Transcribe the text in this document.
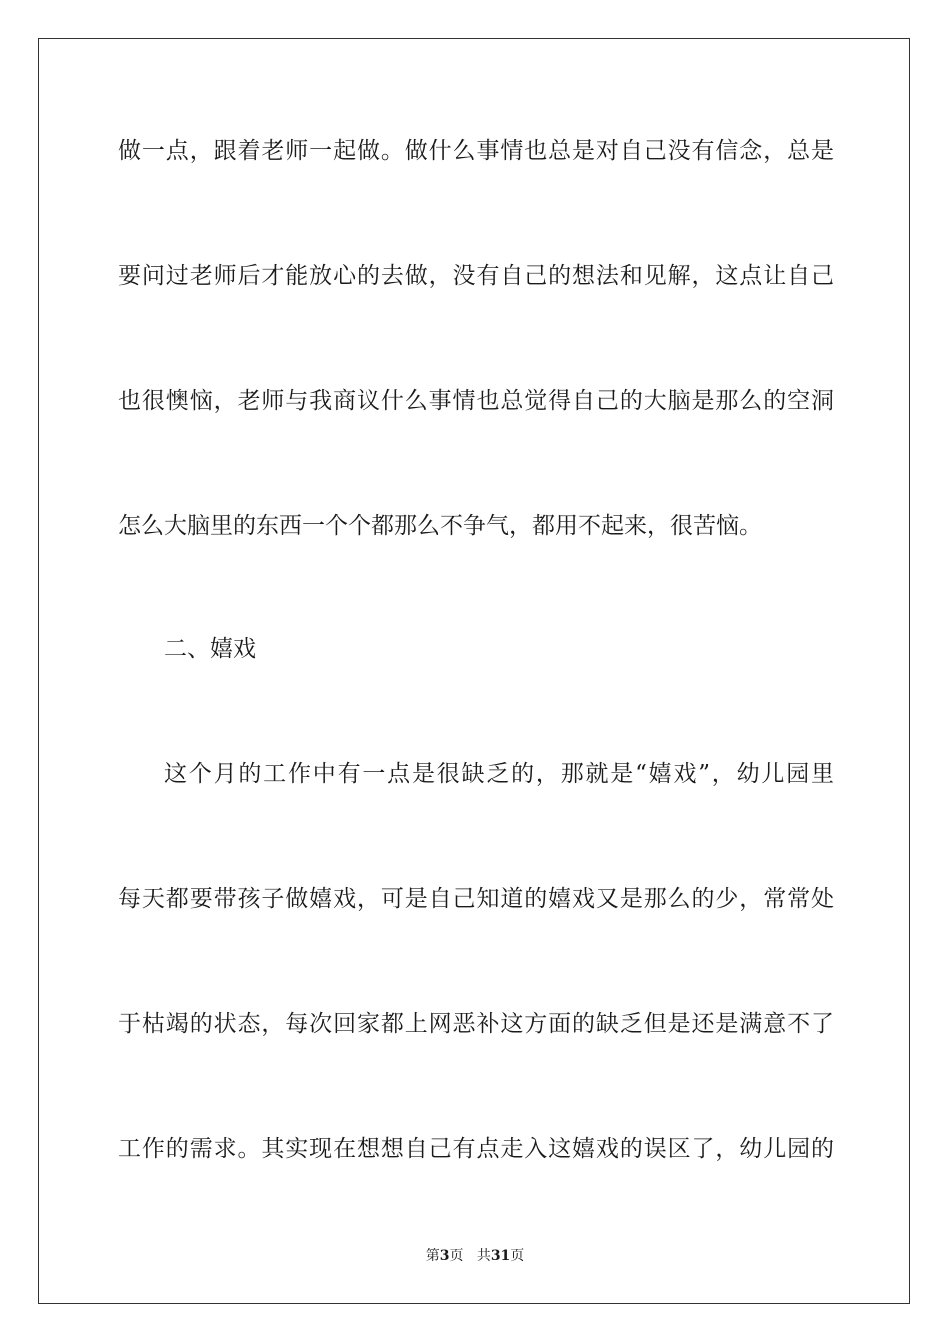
做一点，跟着老师一起做。做什么事情也总是对自己没有信念，总是
要问过老师后才能放心的去做，没有自己的想法和见解，这点让自己
也很懊恼，老师与我商议什么事情也总觉得自己的大脑是那么的空洞
怎么大脑里的东西一个个都那么不争气，都用不起来，很苦恼。
二、嬉戏
这个月的工作中有一点是很缺乏的，那就是“嬉戏”，幼儿园里
每天都要带孩子做嬉戏，可是自己知道的嬉戏又是那么的少，常常处
于枯竭的状态，每次回家都上网恶补这方面的缺乏但是还是满意不了
工作的需求。其实现在想想自己有点走入这嬉戏的误区了，幼儿园的
第3页 共31页
